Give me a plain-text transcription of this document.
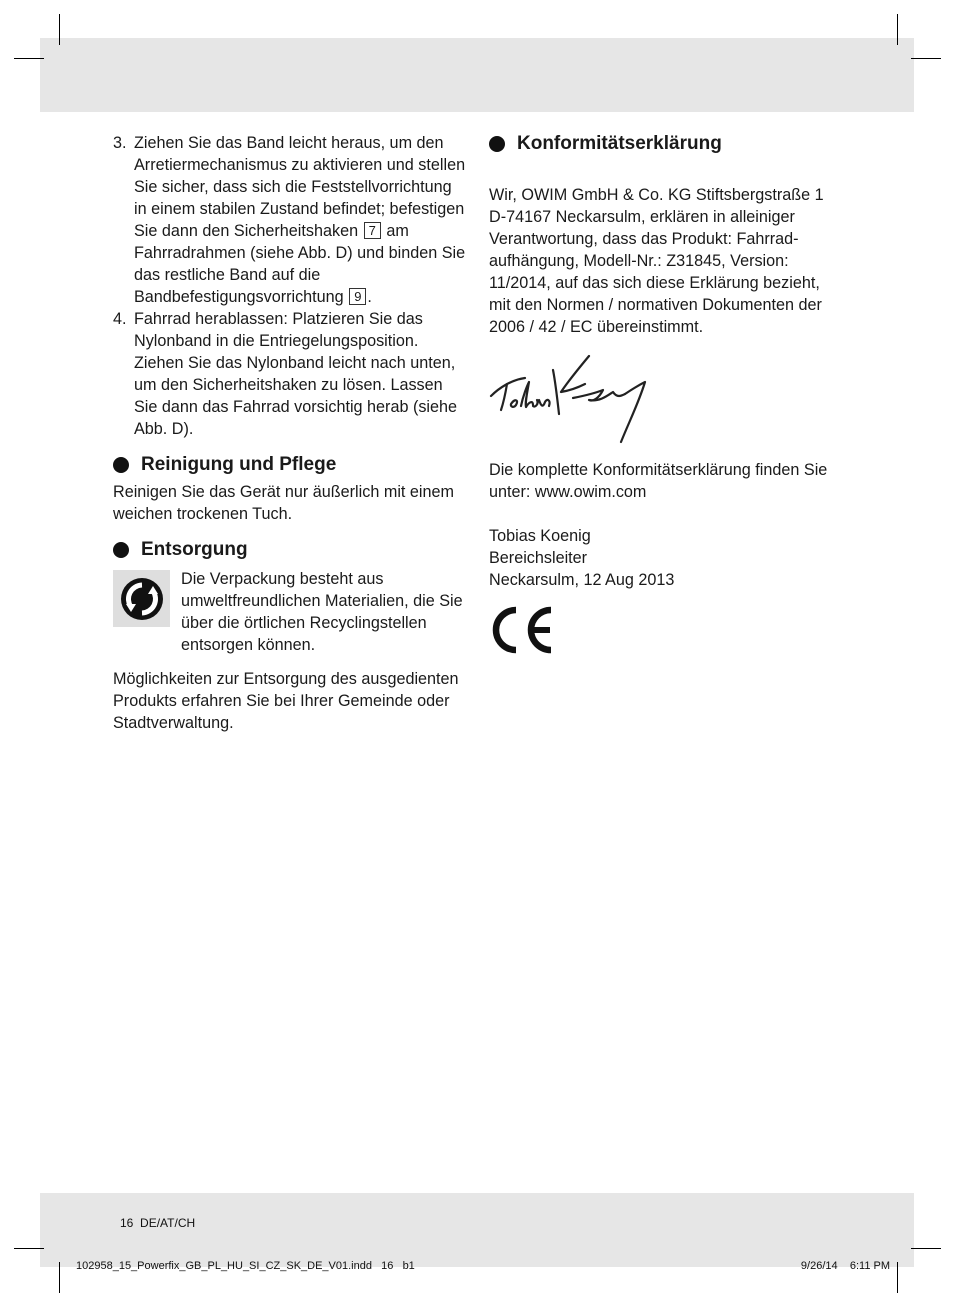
3. Ziehen Sie das Band leicht heraus, um den Arretiermechanismus zu aktivieren und stellen Sie sicher, dass sich die Feststellvorrichtung in einem stabilen Zustand befindet; befestigen Sie dann den Sicherheitshaken 7 am Fahrradrahmen (siehe Abb. D) und binden Sie das restliche Band auf die Bandbefestigungsvorrichtung 9 .
4. Fahrrad herablassen: Platzieren Sie das Nylonband in die Entriegelungsposition. Ziehen Sie das Nylonband leicht nach unten, um den Sicherheitshaken zu lösen. Lassen Sie dann das Fahrrad vorsichtig herab (siehe Abb. D).
Reinigung und Pflege
Reinigen Sie das Gerät nur äußerlich mit einem weichen trockenen Tuch.
Entsorgung
Die Verpackung besteht aus umweltfreundlichen Materialien, die Sie über die örtlichen Recyclingstellen entsorgen können.
Möglichkeiten zur Entsorgung des ausgedienten Produkts erfahren Sie bei Ihrer Gemeinde oder Stadtverwaltung.
Konformitätserklärung
Wir, OWIM GmbH & Co. KG Stiftsbergstraße 1 D-74167 Neckarsulm, erklären in alleiniger Verantwortung, dass das Produkt: Fahrrad-aufhängung, Modell-Nr.: Z31845, Version: 11/2014, auf das sich diese Erklärung bezieht, mit den Normen / normativen Dokumenten der 2006 / 42 / EC übereinstimmt.
Die komplette Konformitätserklärung finden Sie unter: www.owim.com
Tobias Koenig
Bereichsleiter
Neckarsulm, 12 Aug 2013
16 DE/AT/CH
102958_15_Powerfix_GB_PL_HU_SI_CZ_SK_DE_V01.indd 16 b1	9/26/14 6:11 PM
